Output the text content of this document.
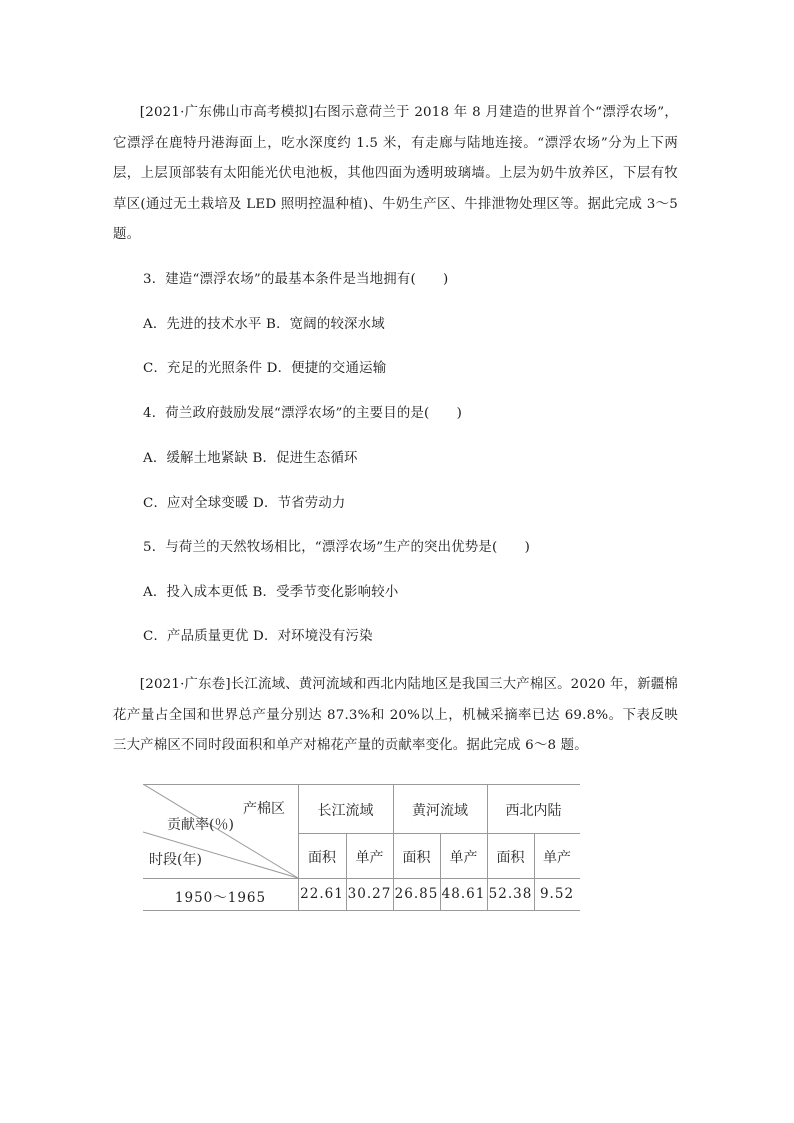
[2021·广东佛山市高考模拟]右图示意荷兰于 2018 年 8 月建造的世界首个“漂浮农场”，它漂浮在鹿特丹港海面上，吃水深度约 1.5 米，有走廊与陆地连接。“漂浮农场”分为上下两层，上层顶部装有太阳能光伏电池板，其他四面为透明玻璃墙。上层为奶牛放养区，下层有牧草区(通过无土栽培及 LED 照明控温种植)、牛奶生产区、牛排泄物处理区等。据此完成 3～5 题。
3．建造“漂浮农场”的最基本条件是当地拥有(　　)
A．先进的技术水平 B．宽阔的较深水域
C．充足的光照条件 D．便捷的交通运输
4．荷兰政府鼓励发展“漂浮农场”的主要目的是(　　)
A．缓解土地紧缺 B．促进生态循环
C．应对全球变暖 D．节省劳动力
5．与荷兰的天然牧场相比，“漂浮农场”生产的突出优势是(　　)
A．投入成本更低 B．受季节变化影响较小
C．产品质量更优 D．对环境没有污染
[2021·广东卷]长江流域、黄河流域和西北内陆地区是我国三大产棉区。2020 年，新疆棉花产量占全国和世界总产量分别达 87.3%和 20%以上，机械采摘率已达 69.8%。下表反映三大产棉区不同时段面积和单产对棉花产量的贡献率变化。据此完成 6～8 题。
产棉区
贡献率(％)
时段(年)
长江流域	黄河流域	西北内陆
面积	单产	面积	单产	面积	单产
1950～1965	22.61 30.27 26.85 48.61 52.38 9.52
